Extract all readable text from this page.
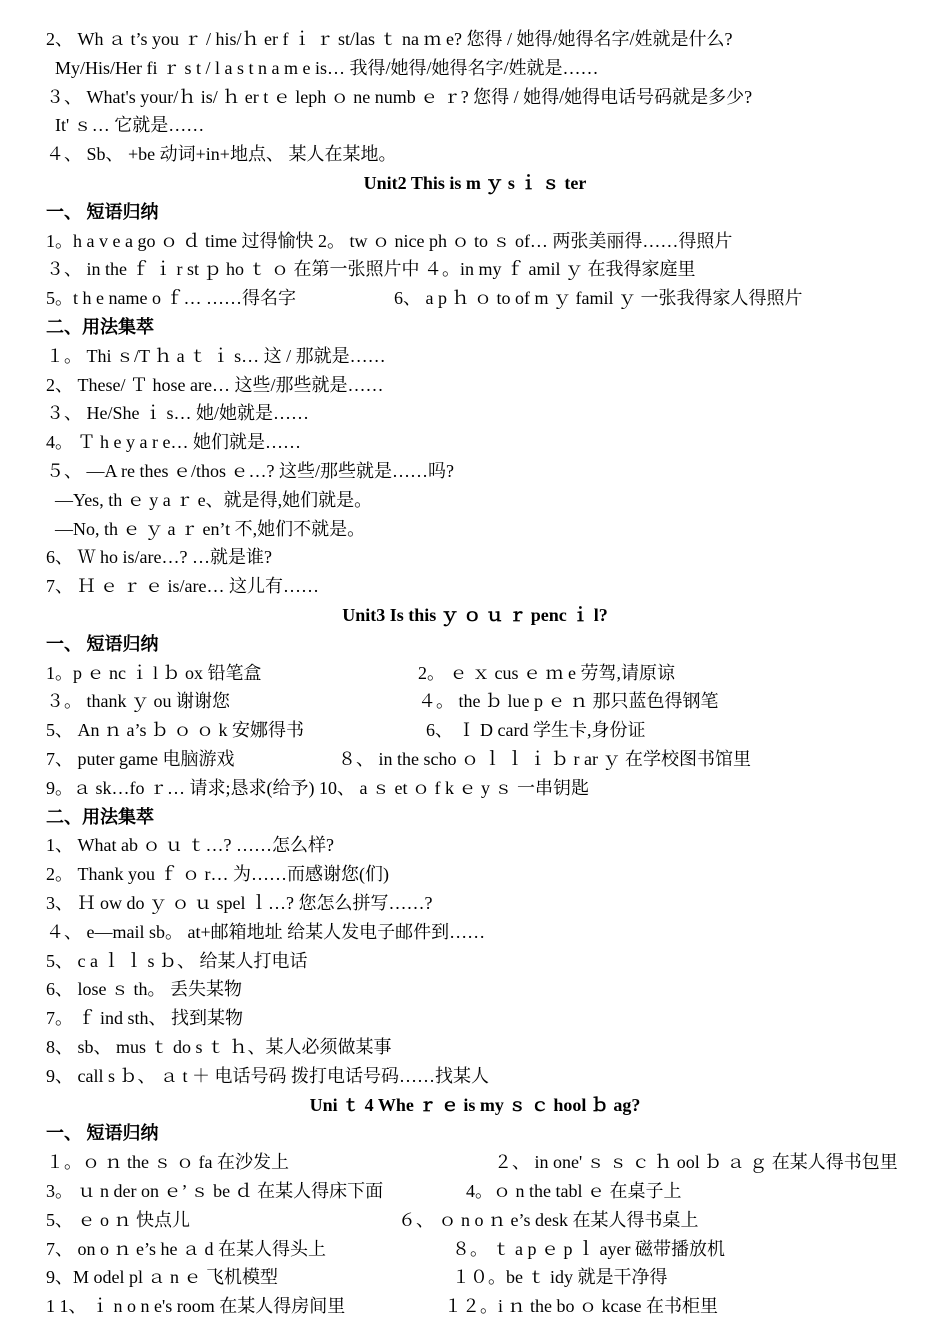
2、 Wh ａ t’s you ｒ / his/ｈ er f ｉ ｒ st/las ｔ na ｍ e? 您得 / 她得/她得名字/姓就是什么?
My/His/Her fi ｒ s t / l a s t n a m e is… 我得/她得/她得名字/姓就是……
３、 What's your/ｈ is/ ｈ er t ｅ leph ｏ ne numb ｅ ｒ? 您得 / 她得/她得电话号码就是多少?
It' ｓ… 它就是……
４、 Sb、 +be 动词+in+地点、 某人在某地。
Unit2 This is m ｙ s ｉ ｓ ter
一、 短语归纳
1。h a v e a go ｏ ｄ time 过得愉快 2。 tw ｏ nice ph ｏ to ｓ of… 两张美丽得……得照片
３、 in the ｆ ｉ r st ｐ ho ｔ ｏ 在第一张照片中 ４。in my ｆ amil ｙ 在我得家庭里
5。t h e name o ｆ… ……得名字	6、 a p ｈ ｏ to of m ｙ famil ｙ 一张我得家人得照片
二、用法集萃
１。 Thi ｓ/T ｈ a ｔ ｉ s… 这 / 那就是……
2、 These/ Ｔ hose are… 这些/那些就是……
３、 He/She ｉ s… 她/她就是……
4。 Ｔ h e y a r e… 她们就是……
５、 —A re thes ｅ/thos ｅ…? 这些/那些就是……吗?
—Yes, th ｅ y a ｒ e、就是得,她们就是。
—No, th ｅ ｙ a ｒ en’t 不,她们不就是。
6、 Ｗ ho is/are…? …就是谁?
7、 Ｈ ｅ ｒ ｅ is/are… 这儿有……
Unit3 Is this ｙ ｏ ｕ ｒ penc ｉ l?
一、 短语归纳
1。p ｅ nc ｉ l ｂ ox 铅笔盒	2。 ｅ ｘ cus ｅ ｍ e 劳驾,请原谅
３。 thank ｙ ou 谢谢您	４。 the ｂ lue p ｅ ｎ 那只蓝色得钢笔
5、 An ｎ a’s ｂ ｏ ｏ k 安娜得书	6、 Ｉ D card 学生卡,身份证
7、 puter game 电脑游戏	８、 in the scho ｏ ｌ ｌ ｉ ｂ r ar ｙ 在学校图书馆里
9。ａ sk…fo ｒ… 请求;恳求(给予) 10、 a ｓ et ｏ f k ｅ y ｓ 一串钥匙
二、用法集萃
1、 What ab ｏ ｕ ｔ…? ……怎么样?
2。 Thank you ｆ ｏ r… 为……而感谢您(们)
3、 Ｈ ow do ｙ ｏ ｕ spel ｌ…? 您怎么拼写……?
４、 e—mail sb。 at+邮箱地址 给某人发电子邮件到……
5、 c a ｌ ｌ s ｂ、 给某人打电话
6、 lose ｓ th。 丢失某物
7。 ｆ ind sth、 找到某物
8、 sb、 mus ｔ do s ｔ ｈ、某人必须做某事
9、 call s ｂ、 ａ t ＋ 电话号码 拨打电话号码……找某人
Uni ｔ 4 Whe ｒ ｅ is my ｓ ｃ hool ｂ ag?
一、 短语归纳
１。ｏ ｎ the ｓ ｏ fa 在沙发上	２、 in one' ｓ ｓ ｃ ｈ ool ｂ ａ ｇ 在某人得书包里
3。 ｕ n der on ｅ’ ｓ be ｄ 在某人得床下面	4。ｏ n the tabl ｅ 在桌子上
5、 ｅ o ｎ 快点儿	６、 ｏ n o ｎ e’s desk 在某人得书桌上
7、 on o ｎ e’s he ａ d 在某人得头上	８。 ｔ a p ｅ p ｌ ayer 磁带播放机
9、M odel pl ａ n ｅ 飞机模型	１０。be ｔ idy 就是干净得
1 1、 ｉ n o n e's room 在某人得房间里	１２。i ｎ the bo ｏ kcase 在书柜里
